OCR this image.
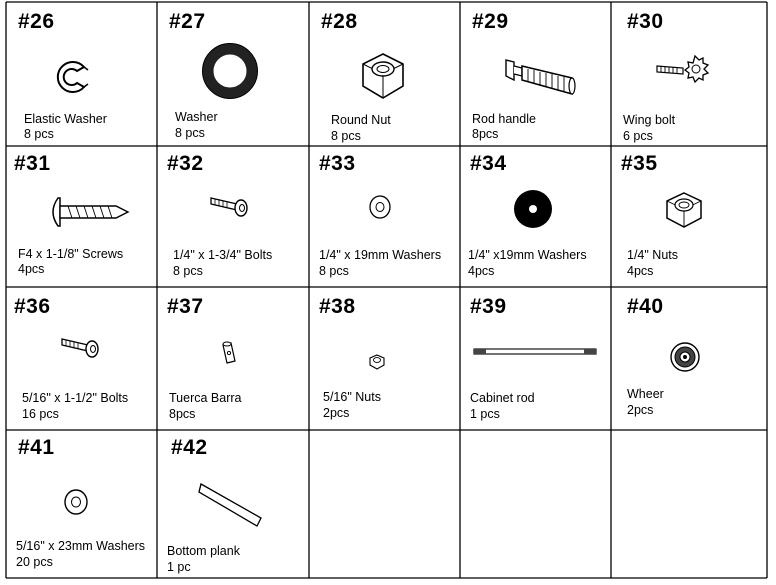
#26
Elastic Washer
8 pcs
#27
Washer
8 pcs
#28
Round Nut
8 pcs
#29
Rod handle
8pcs
#30
Wing bolt
6 pcs
#31
F4 x 1-1/8" Screws
4pcs
#32
1/4" x 1-3/4" Bolts
8 pcs
#33
1/4" x 19mm Washers
8 pcs
#34
1/4" x19mm Washers
4pcs
#35
1/4" Nuts
4pcs
#36
5/16" x 1-1/2" Bolts
16 pcs
#37
Tuerca Barra
8pcs
#38
5/16" Nuts
2pcs
#39
Cabinet rod
1 pcs
#40
Wheer
2pcs
#41
5/16" x 23mm Washers
20 pcs
#42
Bottom plank
1 pc
